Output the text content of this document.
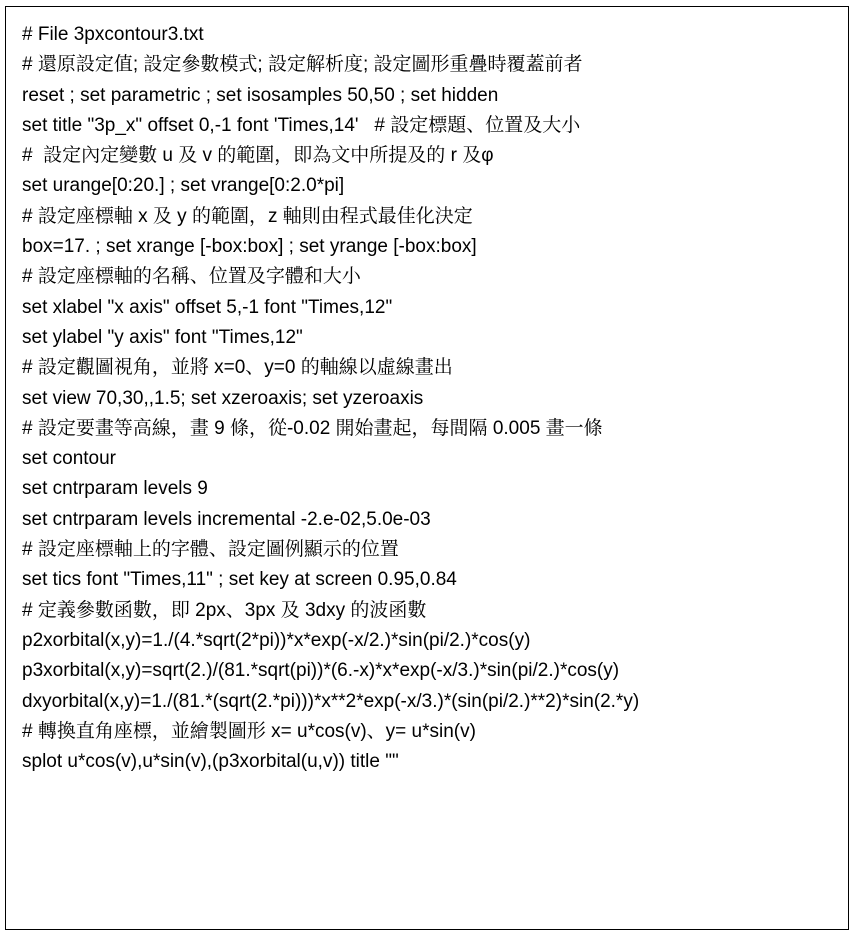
# File 3pxcontour3.txt
# 還原設定值; 設定參數模式; 設定解析度; 設定圖形重疊時覆蓋前者
reset ; set parametric ; set isosamples 50,50 ; set hidden
set title "3p_x" offset 0,-1 font 'Times,14'   # 設定標題、位置及大小
#  設定內定變數 u 及 v 的範圍，即為文中所提及的 r 及φ
set urange[0:20.] ; set vrange[0:2.0*pi]
# 設定座標軸 x 及 y 的範圍，z 軸則由程式最佳化決定
box=17. ; set xrange [-box:box] ; set yrange [-box:box]
# 設定座標軸的名稱、位置及字體和大小
set xlabel "x axis" offset 5,-1 font "Times,12"
set ylabel "y axis" font "Times,12"
# 設定觀圖視角，並將 x=0、y=0 的軸線以虛線畫出
set view 70,30,,1.5; set xzeroaxis; set yzeroaxis
# 設定要畫等高線，畫 9 條，從-0.02 開始畫起，每間隔 0.005 畫一條
set contour
set cntrparam levels 9
set cntrparam levels incremental -2.e-02,5.0e-03
# 設定座標軸上的字體、設定圖例顯示的位置
set tics font "Times,11" ; set key at screen 0.95,0.84
# 定義參數函數，即 2px、3px 及 3dxy 的波函數
p2xorbital(x,y)=1./(4.*sqrt(2*pi))*x*exp(-x/2.)*sin(pi/2.)*cos(y)
p3xorbital(x,y)=sqrt(2.)/(81.*sqrt(pi))*(6.-x)*x*exp(-x/3.)*sin(pi/2.)*cos(y)
dxyorbital(x,y)=1./(81.*(sqrt(2.*pi)))*x**2*exp(-x/3.)*(sin(pi/2.)**2)*sin(2.*y)
# 轉換直角座標，並繪製圖形 x= u*cos(v)、y= u*sin(v)
splot u*cos(v),u*sin(v),(p3xorbital(u,v)) title ""
